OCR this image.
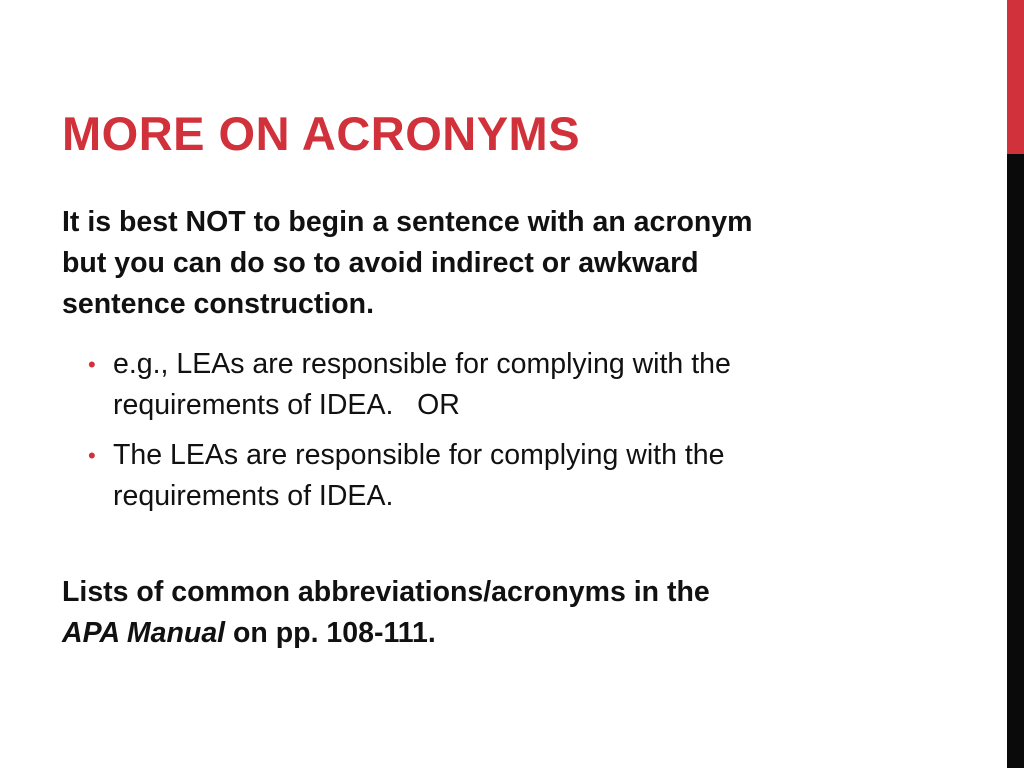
MORE ON ACRONYMS

It is best NOT to begin a sentence with an acronym
but you can do so to avoid indirect or awkward
sentence construction.

• e.g., LEAs are responsible for complying with the
requirements of IDEA.   OR
• The LEAs are responsible for complying with the
requirements of IDEA.

Lists of common abbreviations/acronyms in the
APA Manual on pp. 108-111.
